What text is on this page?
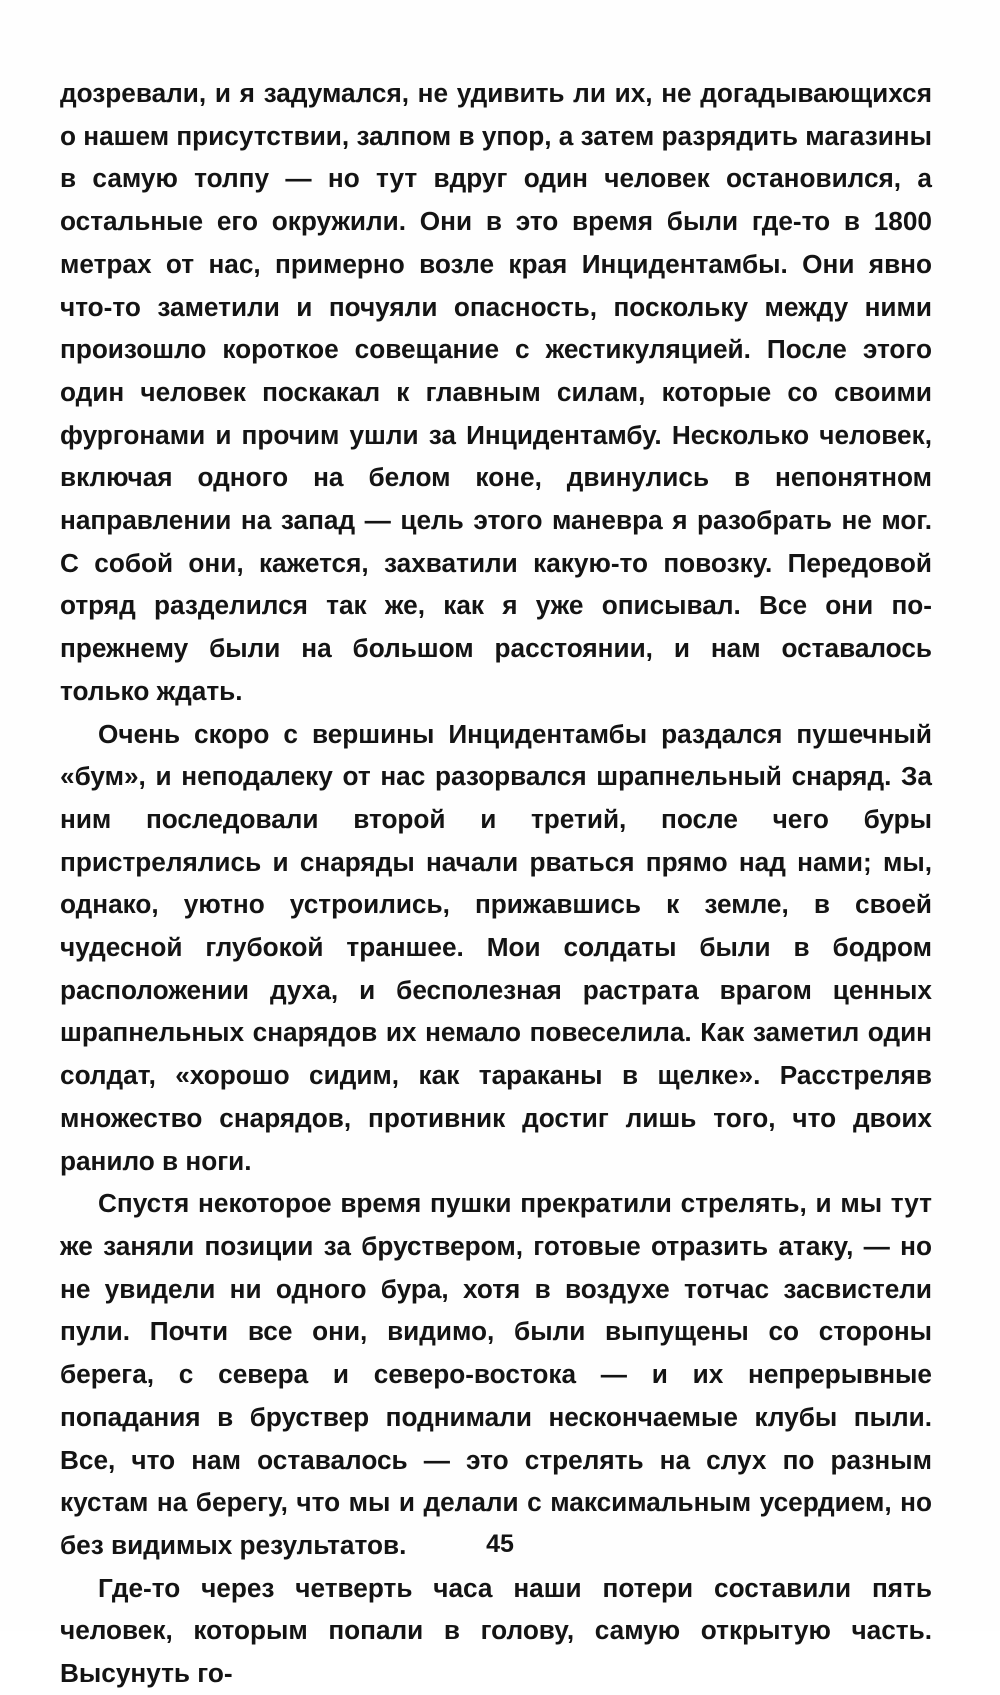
дозревали, и я задумался, не удивить ли их, не догадывающихся о нашем присутствии, залпом в упор, а затем разрядить магазины в самую толпу — но тут вдруг один человек остановился, а остальные его окружили. Они в это время были где-то в 1800 метрах от нас, примерно возле края Инцидентамбы. Они явно что-то заметили и почуяли опасность, поскольку между ними произошло короткое совещание с жестикуляцией. После этого один человек поскакал к главным силам, которые со своими фургонами и прочим ушли за Инцидентамбу. Несколько человек, включая одного на белом коне, двинулись в непонятном направлении на запад — цель этого маневра я разобрать не мог. С собой они, кажется, захватили какую-то повозку. Передовой отряд разделился так же, как я уже описывал. Все они по-прежнему были на большом расстоянии, и нам оставалось только ждать.

Очень скоро с вершины Инцидентамбы раздался пушечный «бум», и неподалеку от нас разорвался шрапнельный снаряд. За ним последовали второй и третий, после чего буры пристрелялись и снаряды начали рваться прямо над нами; мы, однако, уютно устроились, прижавшись к земле, в своей чудесной глубокой траншее. Мои солдаты были в бодром расположении духа, и бесполезная растрата врагом ценных шрапнельных снарядов их немало повеселила. Как заметил один солдат, «хорошо сидим, как тараканы в щелке». Расстреляв множество снарядов, противник достиг лишь того, что двоих ранило в ноги.

Спустя некоторое время пушки прекратили стрелять, и мы тут же заняли позиции за бруствером, готовые отразить атаку, — но не увидели ни одного бура, хотя в воздухе тотчас засвистели пули. Почти все они, видимо, были выпущены со стороны берега, с севера и северо-востока — и их непрерывные попадания в бруствер поднимали нескончаемые клубы пыли. Все, что нам оставалось — это стрелять на слух по разным кустам на берегу, что мы и делали с максимальным усердием, но без видимых результатов.

Где-то через четверть часа наши потери составили пять человек, которым попали в голову, самую открытую часть. Высунуть го-

45
